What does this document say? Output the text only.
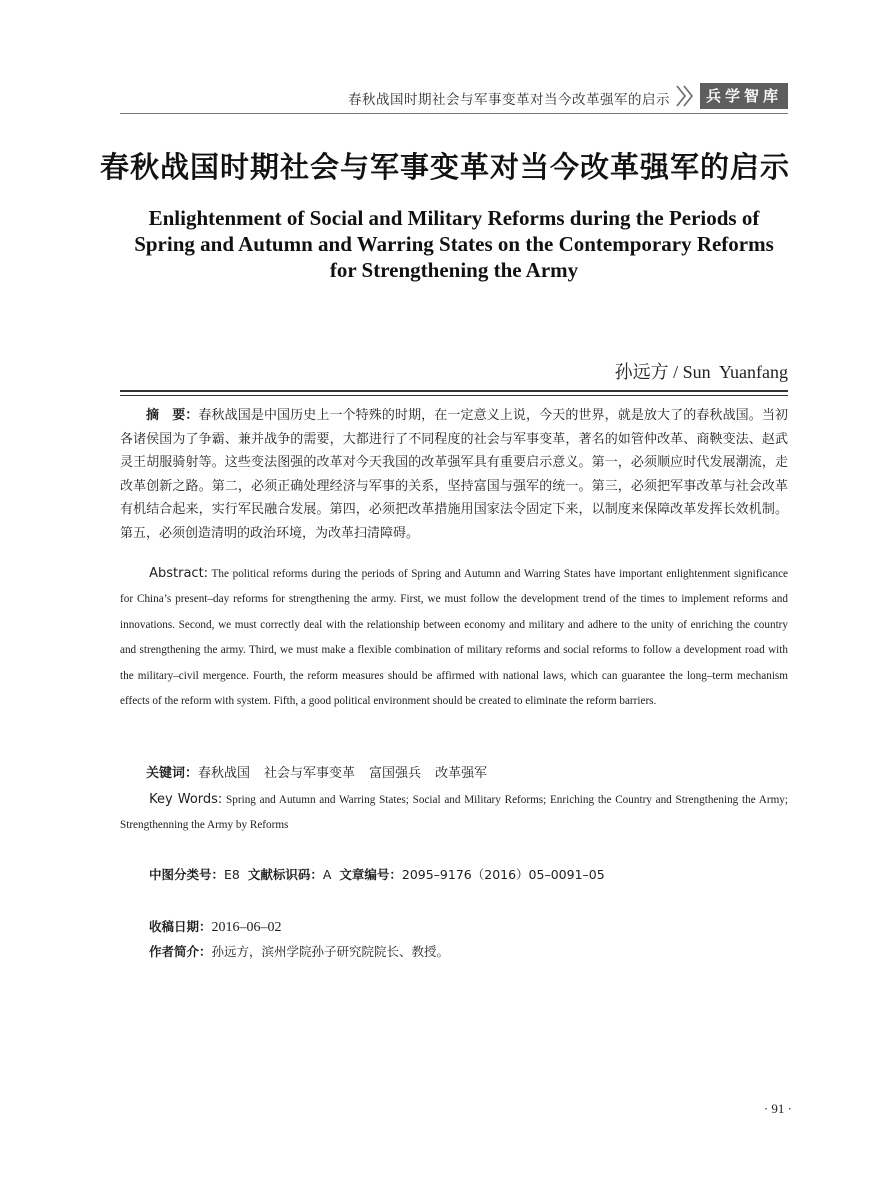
春秋战国时期社会与军事变革对当今改革强军的启示	兵学智库
春秋战国时期社会与军事变革对当今改革强军的启示
Enlightenment of Social and Military Reforms during the Periods of Spring and Autumn and Warring States on the Contemporary Reforms for Strengthening the Army
孙远方 / Sun  Yuanfang
摘　要：春秋战国是中国历史上一个特殊的时期，在一定意义上说，今天的世界，就是放大了的春秋战国。当初各诸侯国为了争霸、兼并战争的需要，大都进行了不同程度的社会与军事变革，著名的如管仲改革、商鞅变法、赵武灵王胡服骑射等。这些变法图强的改革对今天我国的改革强军具有重要启示意义。第一，必须顺应时代发展潮流，走改革创新之路。第二，必须正确处理经济与军事的关系，坚持富国与强军的统一。第三，必须把军事改革与社会改革有机结合起来，实行军民融合发展。第四，必须把改革措施用国家法令固定下来，以制度来保障改革发挥长效机制。第五，必须创造清明的政治环境，为改革扫清障碍。
Abstract: The political reforms during the periods of Spring and Autumn and Warring States have important enlightenment significance for China’s present–day reforms for strengthening the army. First, we must follow the development trend of the times to implement reforms and innovations. Second, we must correctly deal with the relationship between economy and military and adhere to the unity of enriching the country and strengthening the army. Third, we must make a flexible combination of military reforms and social reforms to follow a development road with the military–civil mergence. Fourth, the reform measures should be affirmed with national laws, which can guarantee the long–term mechanism effects of the reform with system. Fifth, a good political environment should be created to eliminate the reform barriers.
关键词：春秋战国 社会与军事变革 富国强兵 改革强军
Key Words: Spring and Autumn and Warring States; Social and Military Reforms; Enriching the Country and Strengthening the Army; Strengthenning the Army by Reforms
中图分类号：E8 文献标识码：A 文章编号：2095–9176（2016）05–0091–05
收稿日期：2016–06–02
作者简介：孙远方，滨州学院孙子研究院院长、教授。
· 91 ·
